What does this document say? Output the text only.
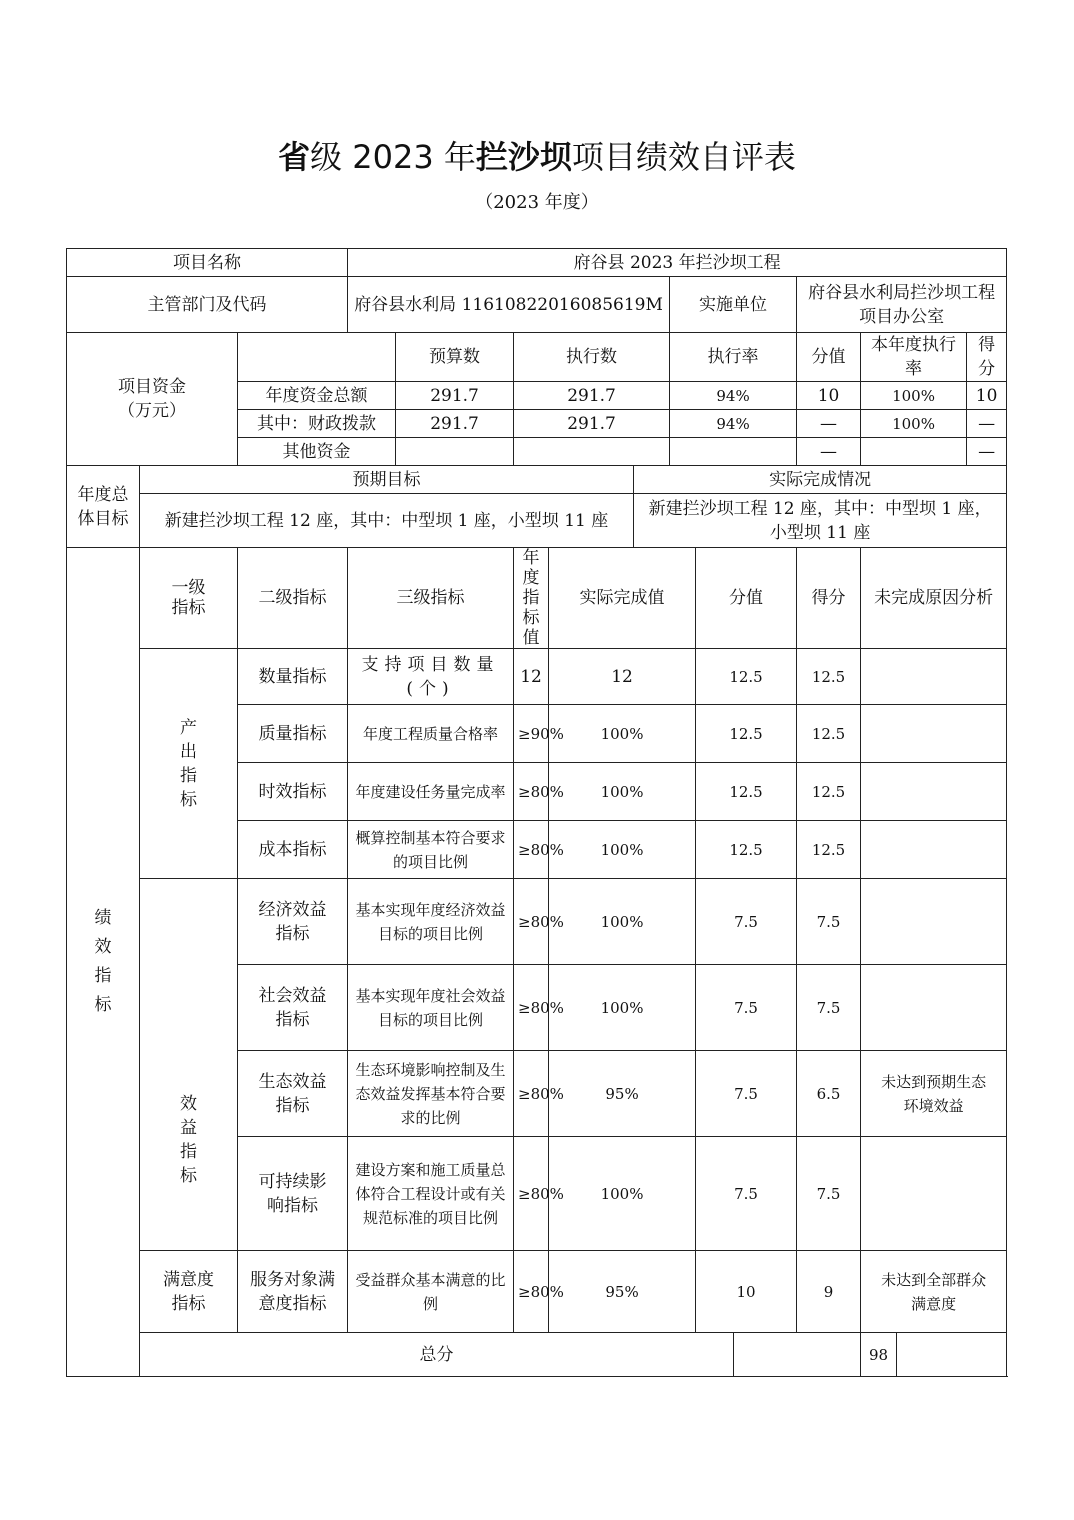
省级 2023 年拦沙坝项目绩效自评表
（2023 年度）
项目名称			府谷县 2023 年拦沙坝工程											
主管部门及代码			府谷县水利局 11610822016085619M					实施单位			府谷县水利局拦沙坝工程项目办公室			

项目资金
（万元）				预算数	执行数			执行率			分值	本年度执行率		得分
		年度资金总额		291.7	291.7			94%			10	100%		10
		其中：财政拨款		291.7	291.7			94%			—	100%		—
		其他资金									—			—
年度总体目标	预期目标						实际完成情况							
	新建拦沙坝工程 12 座，其中：中型坝 1 座，小型坝 11 座						新建拦沙坝工程 12 座，其中：中型坝 1 座，小型坝 11 座							

绩效指标	一级指标	二级指标	三级指标		年度指标值	实际完成值			分值		得分	未完成原因分析		

	产出指标	数量指标	支持项目数量(个)		12	12			12.5		12.5			
		质量指标	年度工程质量合格率		≥90%	100%			12.5		12.5			
		时效指标	年度建设任务量完成率		≥80%	100%			12.5		12.5			
		成本指标	概算控制基本符合要求的项目比例		≥80%	100%			12.5		12.5			

	效益指标	经济效益指标	基本实现年度经济效益目标的项目比例		≥80%	100%			7.5		7.5			
		社会效益指标	基本实现年度社会效益目标的项目比例		≥80%	100%			7.5		7.5			
		生态效益指标	生态环境影响控制及生态效益发挥基本符合要求的比例		≥80%	95%			7.5		6.5	未达到预期生态环境效益		
		可持续影响指标	建设方案和施工质量总体符合工程设计或有关规范标准的项目比例		≥80%	100%			7.5		7.5			
	满意度指标	服务对象满意度指标	受益群众基本满意的比例		≥80%	95%			10		9	未达到全部群众满意度		
	总分											98		
